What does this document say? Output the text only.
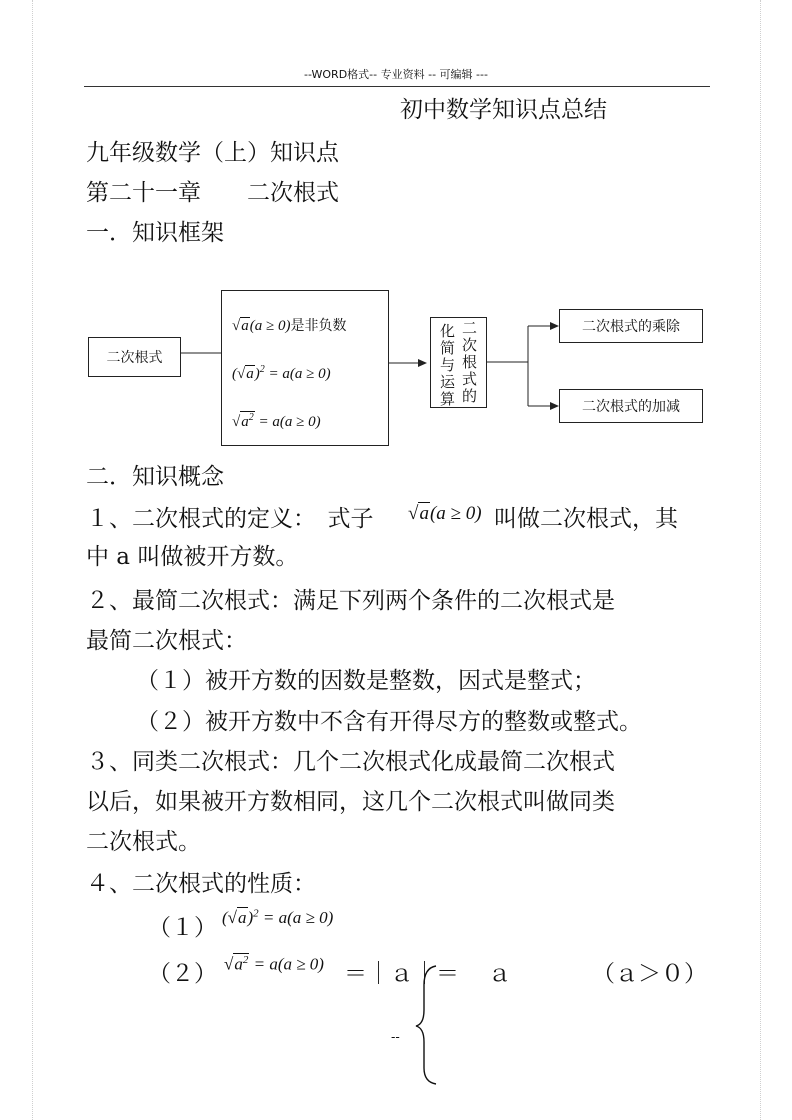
--WORD格式-- 专业资料 -- 可编辑 ---
初中数学知识点总结
九年级数学（上）知识点
第二十一章　　二次根式
一．知识框架
二次根式
√a(a ≥ 0)是非负数
$(√a)^2 = a(a \ge 0)$
$√a^2 = a(a \ge 0)$
化简与运算
二次根式的
二次根式的乘除
二次根式的加减
二．知识概念
１、二次根式的定义：　式子 √a(a ≥ 0) 叫做二次根式，其
中 a 叫做被开方数。
２、最简二次根式：满足下列两个条件的二次根式是
最简二次根式：
（１）被开方数的因数是整数，因式是整式；
（２）被开方数中不含有开得尽方的整数或整式。
３、同类二次根式：几个二次根式化成最简二次根式
以后，如果被开方数相同，这几个二次根式叫做同类
二次根式。
４、二次根式的性质：
（１） $(√a)^2 = a(a \ge 0)$
（２） $√a^2 = a(a \ge 0)$ ＝｜ａ｜＝ ａ	（ａ＞０）
--
